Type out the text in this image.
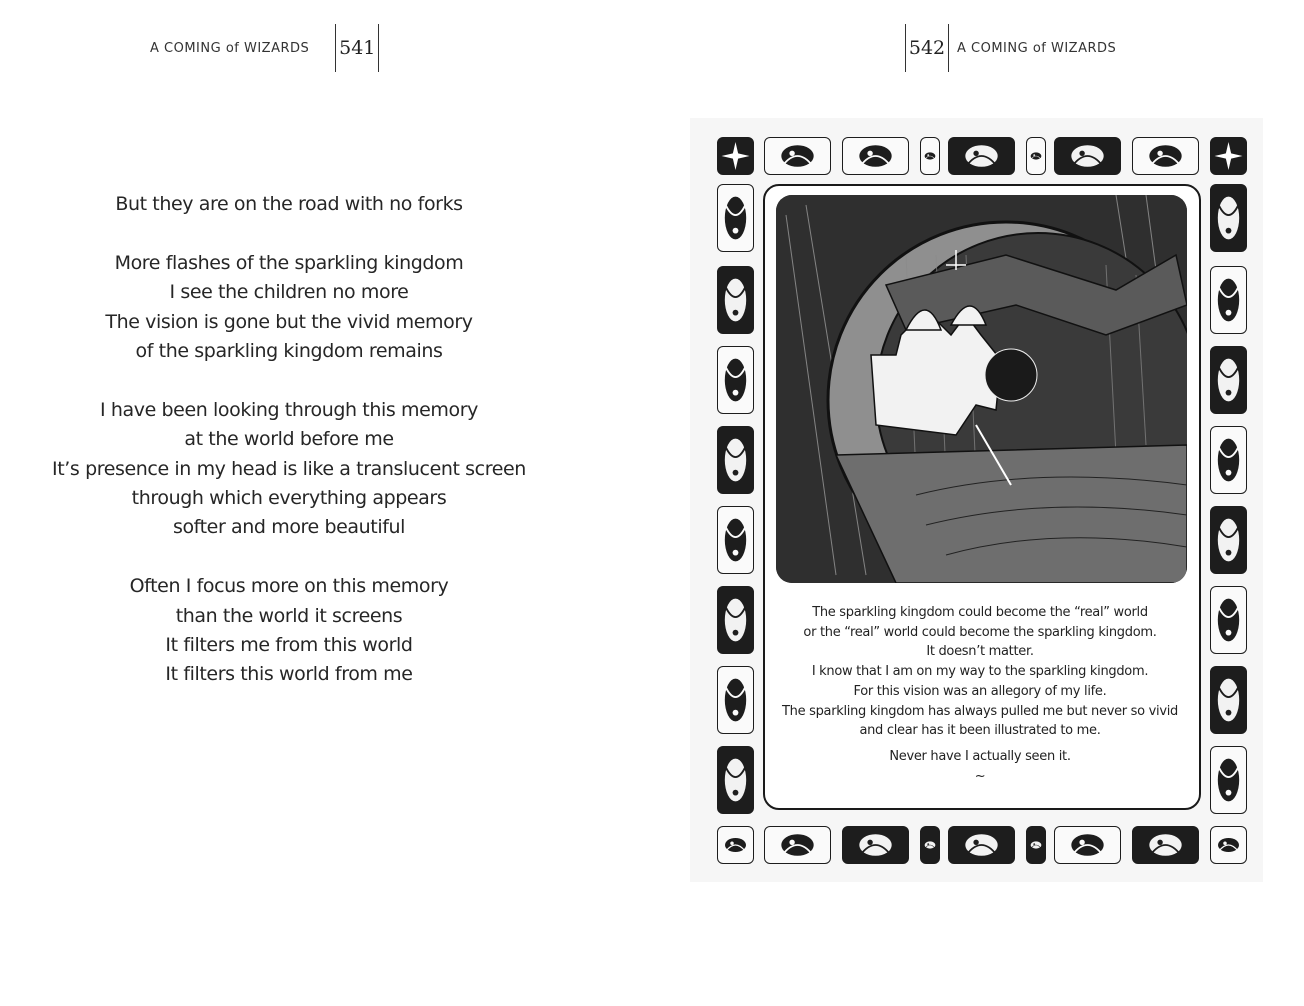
A COMING of WIZARDS 541	542 A COMING of WIZARDS
But they are on the road with no forks
More flashes of the sparkling kingdom
I see the children no more
The vision is gone but the vivid memory
of the sparkling kingdom remains
I have been looking through this memory
at the world before me
It’s presence in my head is like a translucent screen
through which everything appears
softer and more beautiful
Often I focus more on this memory
than the world it screens
It filters me from this world
It filters this world from me
The sparkling kingdom could become the “real” world
or the “real” world could become the sparkling kingdom.
It doesn’t matter.
I know that I am on my way to the sparkling kingdom.
For this vision was an allegory of my life.
The sparkling kingdom has always pulled me but never so vivid
and clear has it been illustrated to me.
Never have I actually seen it.
~
